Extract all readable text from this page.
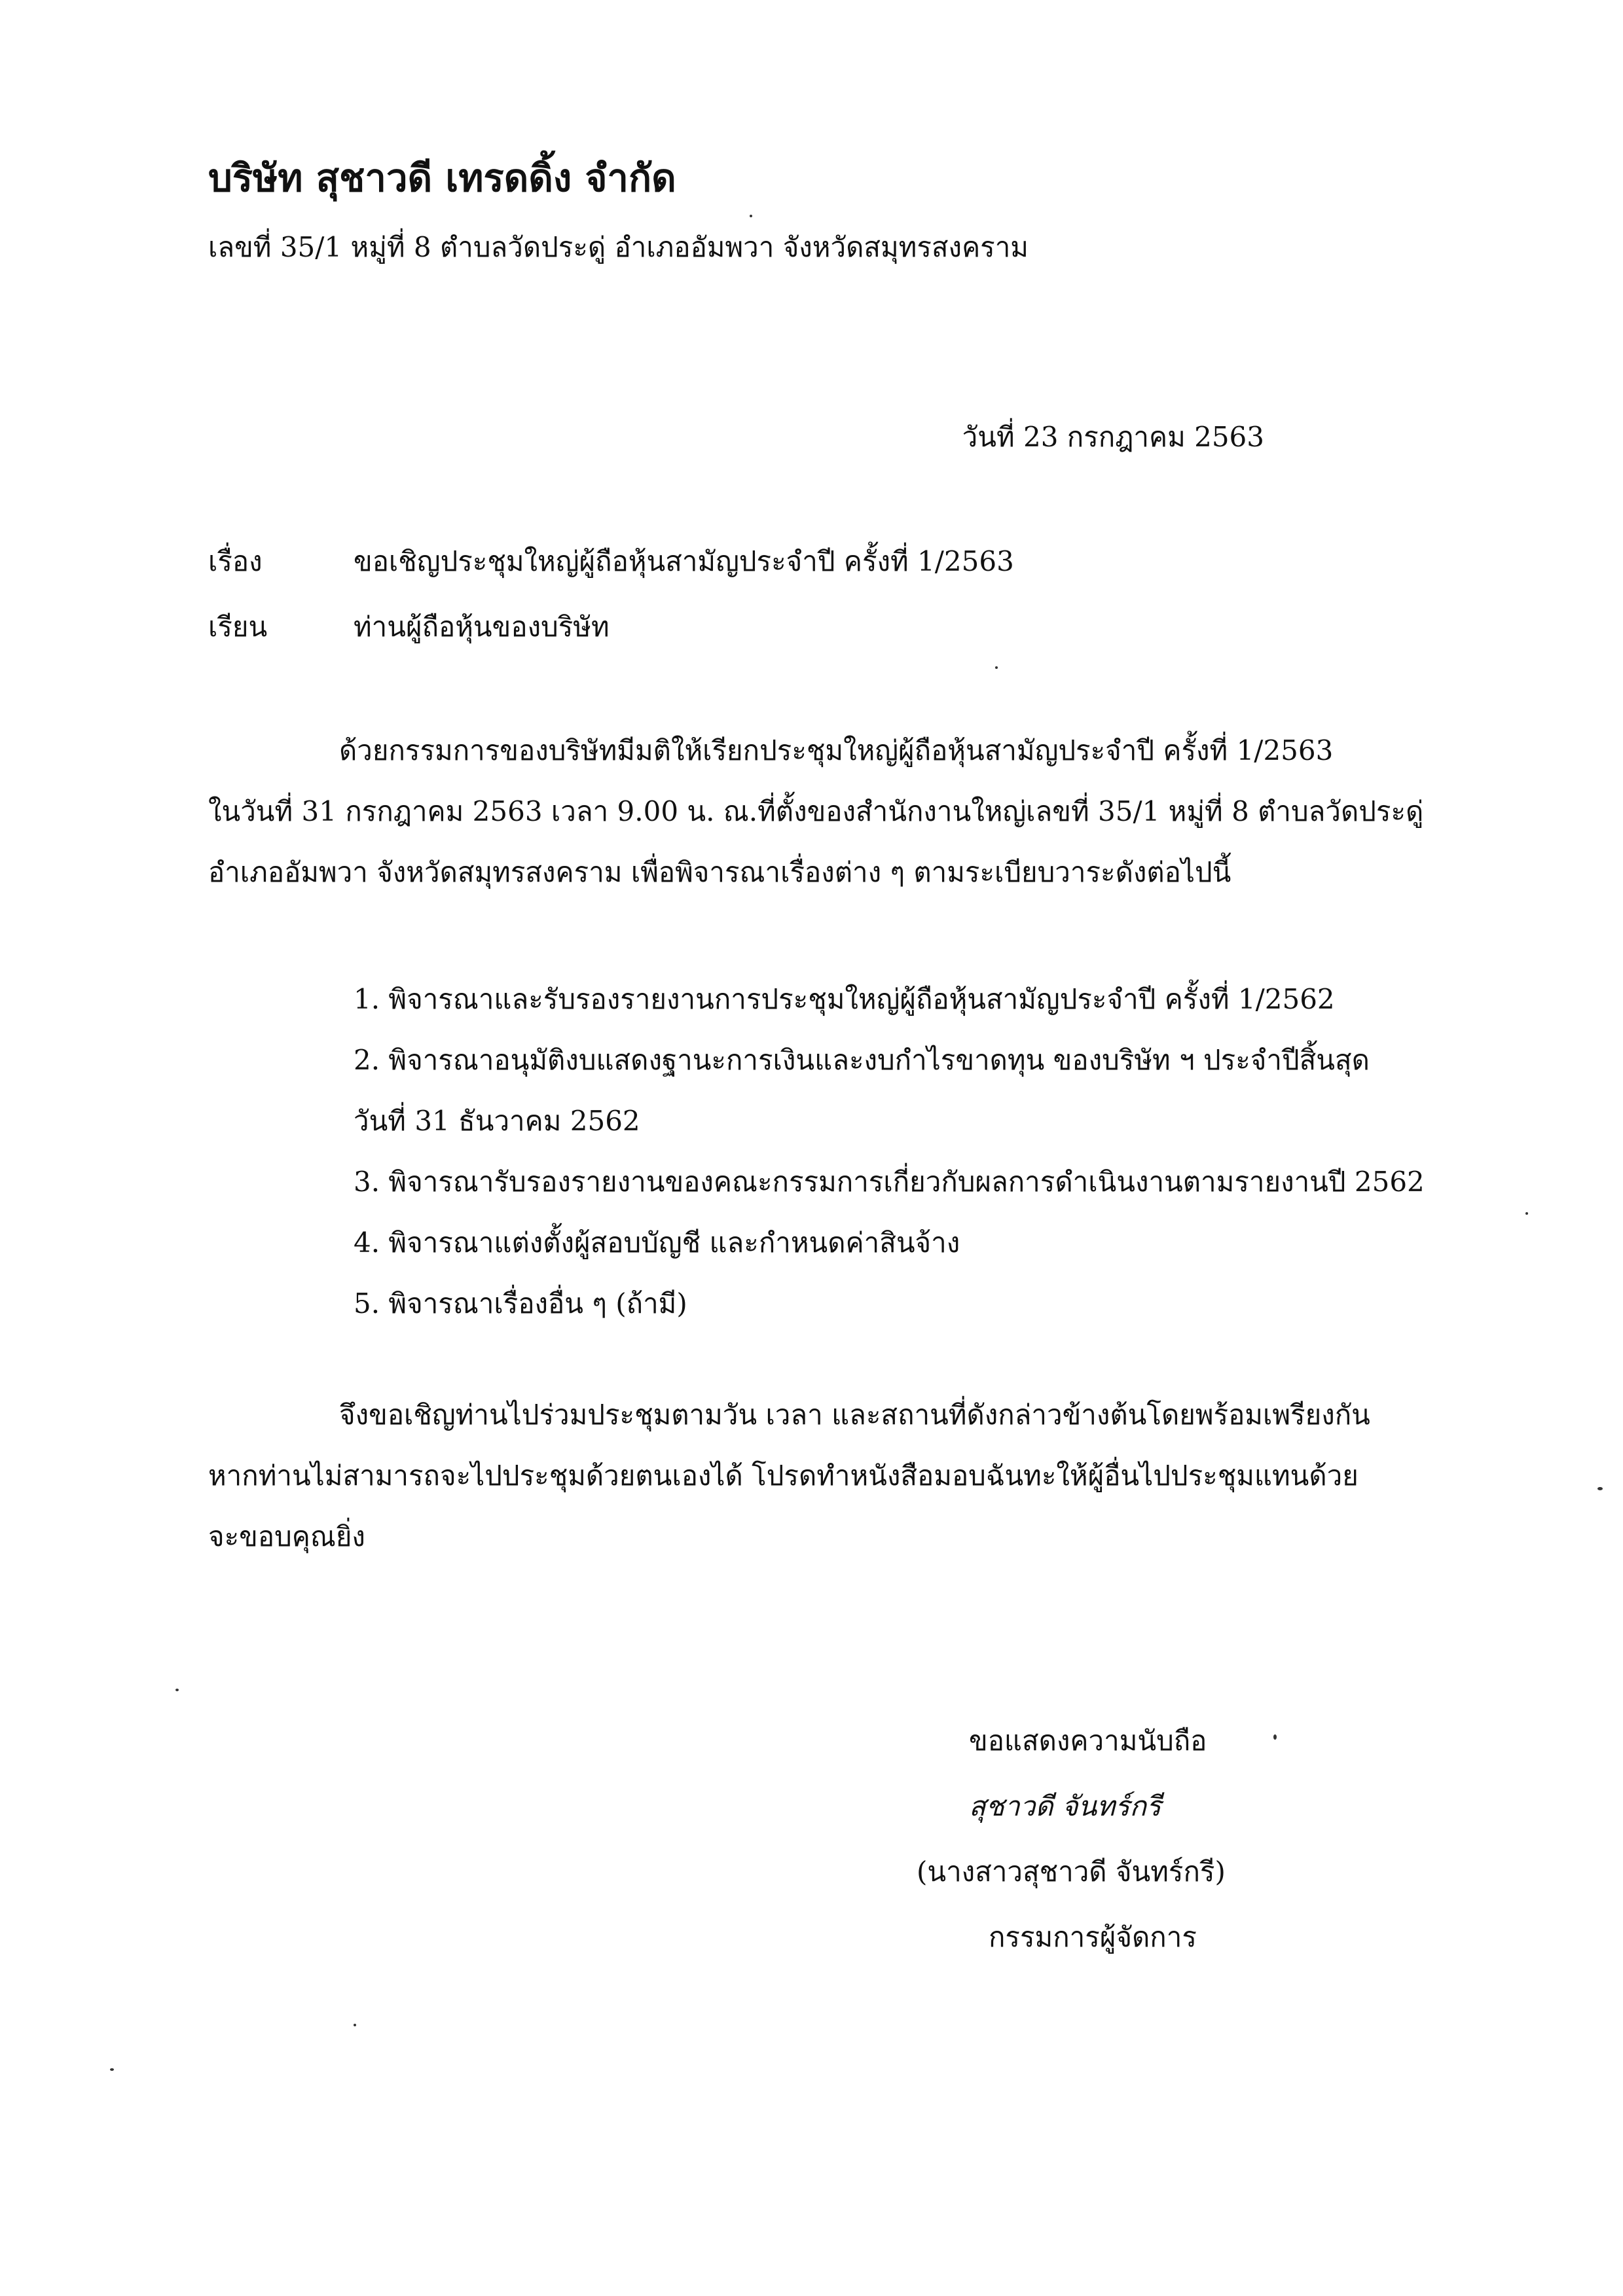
บริษัท สุชาวดี เทรดดิ้ง จำกัด
เลขที่ 35/1 หมู่ที่ 8 ตำบลวัดประดู่ อำเภออัมพวา จังหวัดสมุทรสงคราม
วันที่ 23 กรกฎาคม 2563
เรื่อง	ขอเชิญประชุมใหญ่ผู้ถือหุ้นสามัญประจำปี ครั้งที่ 1/2563
เรียน	ท่านผู้ถือหุ้นของบริษัท
ด้วยกรรมการของบริษัทมีมติให้เรียกประชุมใหญ่ผู้ถือหุ้นสามัญประจำปี ครั้งที่ 1/2563
ในวันที่ 31 กรกฎาคม 2563 เวลา 9.00 น. ณ.ที่ตั้งของสำนักงานใหญ่เลขที่ 35/1 หมู่ที่ 8 ตำบลวัดประดู่
อำเภออัมพวา จังหวัดสมุทรสงคราม เพื่อพิจารณาเรื่องต่าง ๆ ตามระเบียบวาระดังต่อไปนี้
1. พิจารณาและรับรองรายงานการประชุมใหญ่ผู้ถือหุ้นสามัญประจำปี ครั้งที่ 1/2562
2. พิจารณาอนุมัติงบแสดงฐานะการเงินและงบกำไรขาดทุน ของบริษัท ฯ ประจำปีสิ้นสุด
วันที่ 31 ธันวาคม 2562
3. พิจารณารับรองรายงานของคณะกรรมการเกี่ยวกับผลการดำเนินงานตามรายงานปี 2562
4. พิจารณาแต่งตั้งผู้สอบบัญชี และกำหนดค่าสินจ้าง
5. พิจารณาเรื่องอื่น ๆ (ถ้ามี)
จึงขอเชิญท่านไปร่วมประชุมตามวัน เวลา และสถานที่ดังกล่าวข้างต้นโดยพร้อมเพรียงกัน
หากท่านไม่สามารถจะไปประชุมด้วยตนเองได้ โปรดทำหนังสือมอบฉันทะให้ผู้อื่นไปประชุมแทนด้วย
จะขอบคุณยิ่ง
ขอแสดงความนับถือ
สุชาวดี จันทร์กรี
(นางสาวสุชาวดี จันทร์กรี)
กรรมการผู้จัดการ
